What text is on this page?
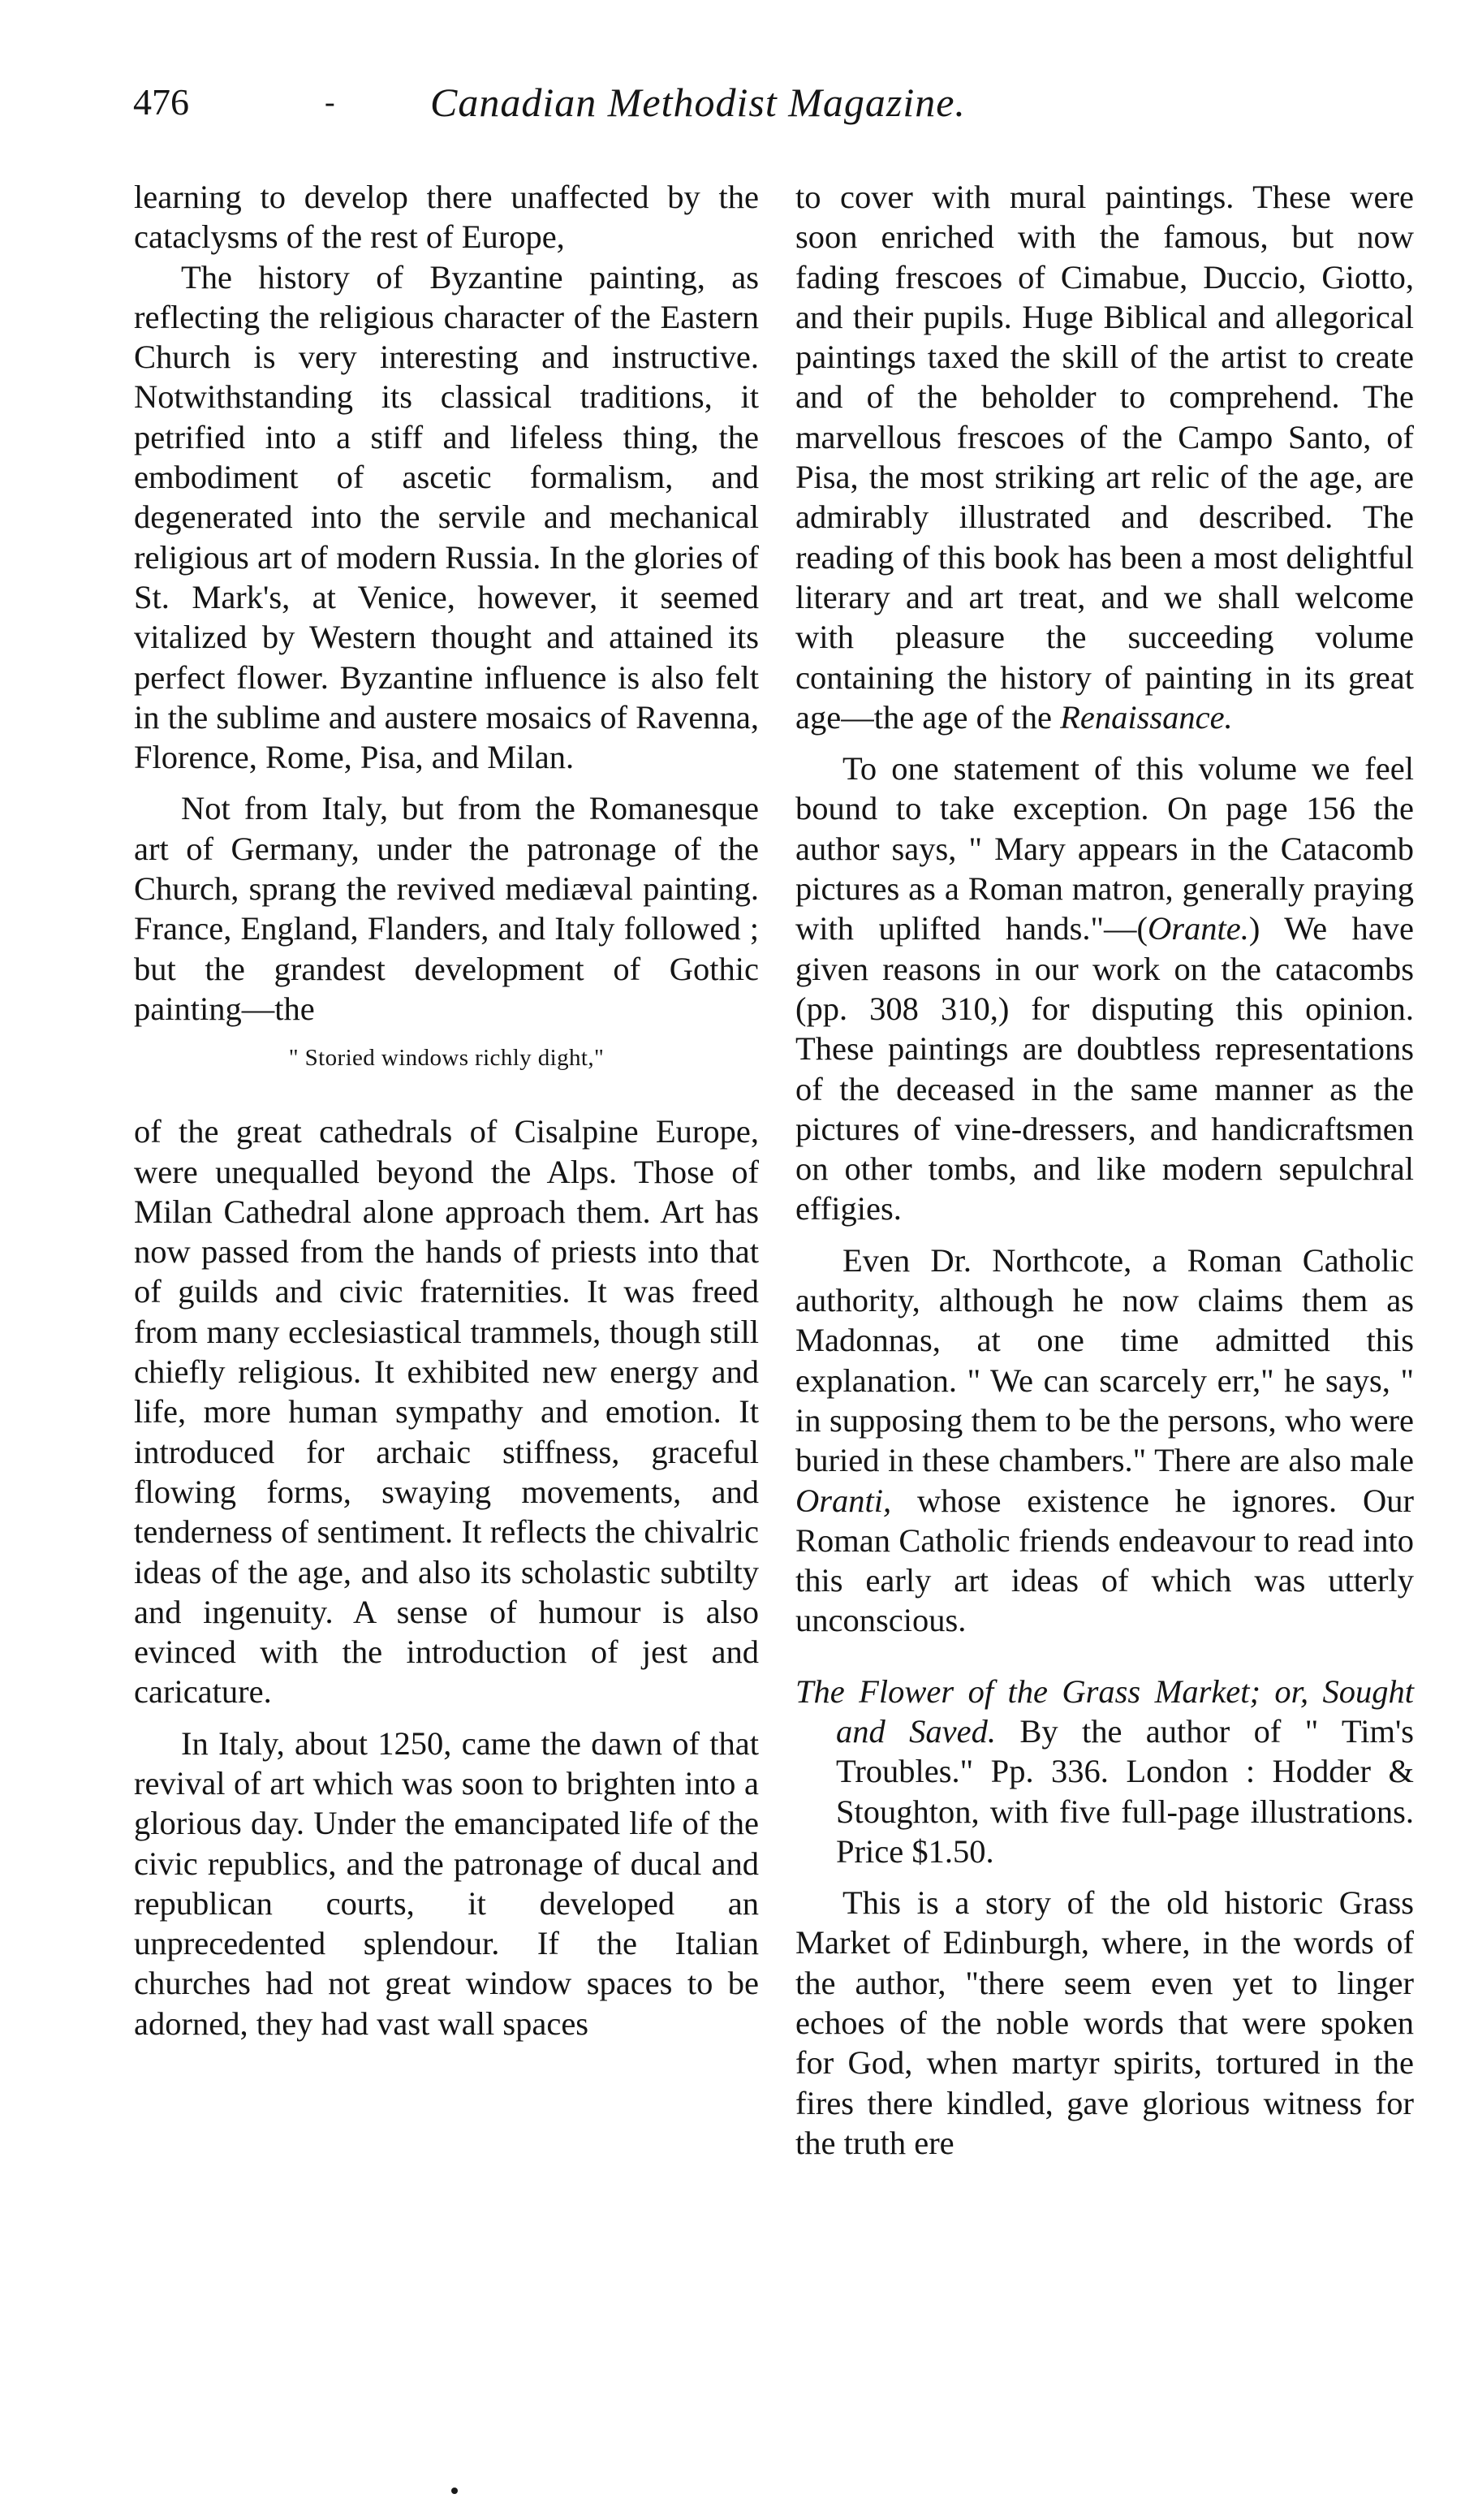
476	‑ Canadian Methodist Magazine.

learning to develop there unaffected by the cataclysms of the rest of Europe,

The history of Byzantine painting, as reflecting the religious character of the Eastern Church is very interesting and instructive. Notwithstanding its classical traditions, it petrified into a stiff and lifeless thing, the embodiment of ascetic formalism, and degenerated into the servile and mechanical religious art of modern Russia. In the glories of St. Mark's, at Venice, however, it seemed vitalized by Western thought and attained its perfect flower. Byzantine influence is also felt in the sublime and austere mosaics of Ravenna, Florence, Rome, Pisa, and Milan.

Not from Italy, but from the Romanesque art of Germany, under the patronage of the Church, sprang the revived mediæval painting. France, England, Flanders, and Italy followed ; but the grandest development of Gothic painting—the

" Storied windows richly dight,"

of the great cathedrals of Cisalpine Europe, were unequalled beyond the Alps. Those of Milan Cathedral alone approach them. Art has now passed from the hands of priests into that of guilds and civic fraternities. It was freed from many ecclesiastical trammels, though still chiefly religious. It exhibited new energy and life, more human sympathy and emotion. It introduced for archaic stiffness, graceful flowing forms, swaying movements, and tenderness of sentiment. It reflects the chivalric ideas of the age, and also its scholastic subtilty and ingenuity. A sense of humour is also evinced with the introduction of jest and caricature.

In Italy, about 1250, came the dawn of that revival of art which was soon to brighten into a glorious day. Under the emancipated life of the civic republics, and the patronage of ducal and republican courts, it developed an unprecedented splendour. If the Italian churches had not great window spaces to be adorned, they had vast wall spaces

to cover with mural paintings. These were soon enriched with the famous, but now fading frescoes of Cimabue, Duccio, Giotto, and their pupils. Huge Biblical and allegorical paintings taxed the skill of the artist to create and of the beholder to comprehend. The marvellous frescoes of the Campo Santo, of Pisa, the most striking art relic of the age, are admirably illustrated and described. The reading of this book has been a most delightful literary and art treat, and we shall welcome with pleasure the succeeding volume containing the history of painting in its great age—the age of the Renaissance.

To one statement of this volume we feel bound to take exception. On page 156 the author says, " Mary appears in the Catacomb pictures as a Roman matron, generally praying with uplifted hands."—(Orante.) We have given reasons in our work on the catacombs (pp. 308 310,) for disputing this opinion. These paintings are doubtless representations of the deceased in the same manner as the pictures of vine-dressers, and handicraftsmen on other tombs, and like modern sepulchral effigies.

Even Dr. Northcote, a Roman Catholic authority, although he now claims them as Madonnas, at one time admitted this explanation. " We can scarcely err," he says, " in supposing them to be the persons, who were buried in these chambers." There are also male Oranti, whose existence he ignores. Our Roman Catholic friends endeavour to read into this early art ideas of which was utterly unconscious.

The Flower of the Grass Market; or, Sought and Saved. By the author of " Tim's Troubles." Pp. 336. London : Hodder & Stoughton, with five full-page illustrations. Price $1.50.

This is a story of the old historic Grass Market of Edinburgh, where, in the words of the author, "there seem even yet to linger echoes of the noble words that were spoken for God, when martyr spirits, tortured in the fires there kindled, gave glorious witness for the truth ere
